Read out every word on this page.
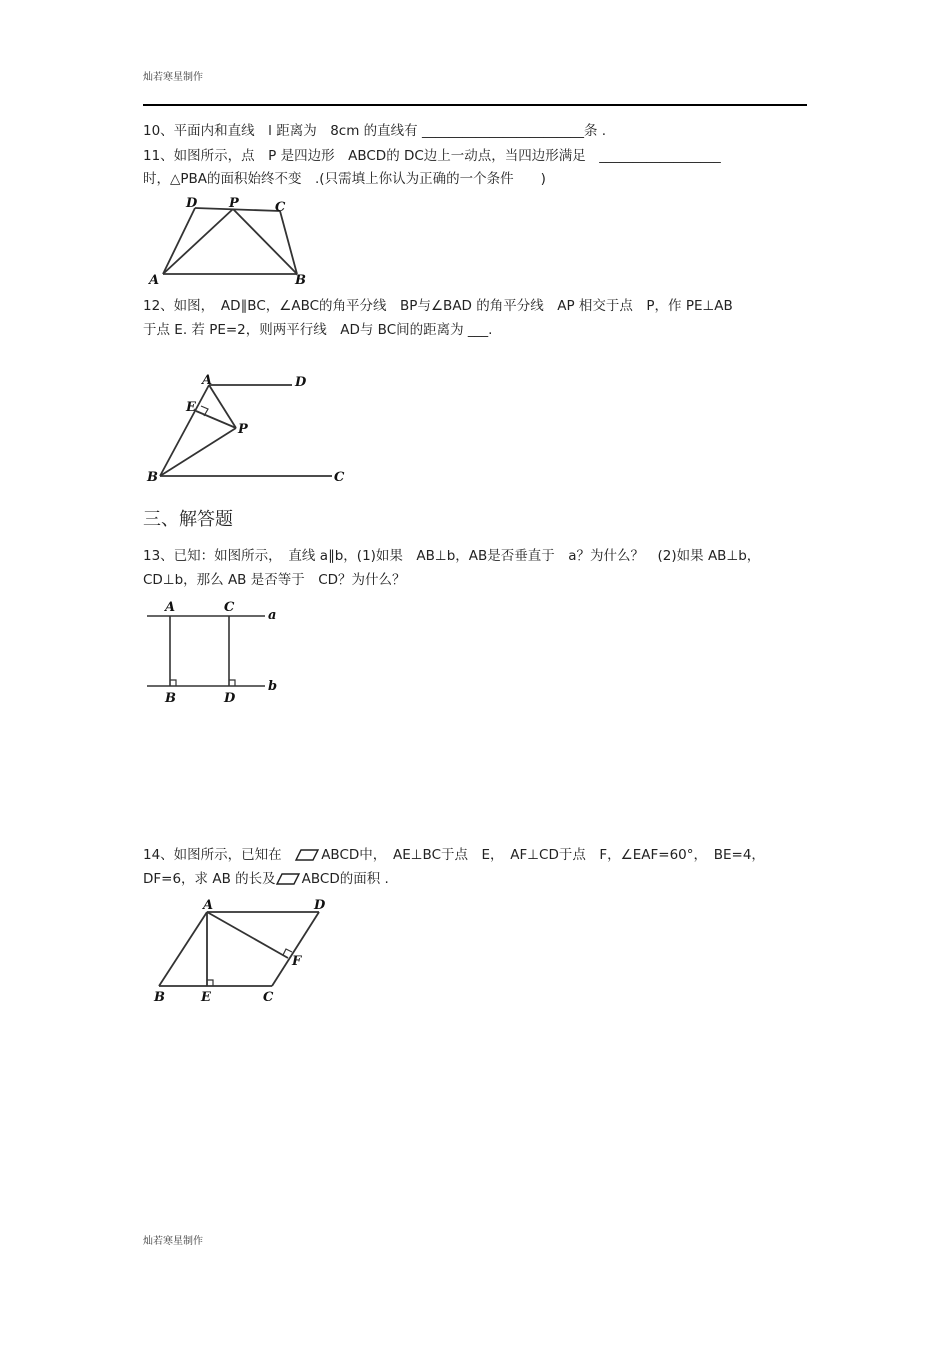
灿若寒星制作
10、平面内和直线　l 距离为　8cm 的直线有 ________________________条 .
11、如图所示，点　P 是四边形　ABCD的 DC边上一动点，当四边形满足　__________________
时，△PBA的面积始终不变　.(只需填上你认为正确的一个条件　　)
D P	C
A	B
12、如图，　AD∥BC，∠ABC的角平分线　BP与∠BAD 的角平分线　AP 相交于点　P，作 PE⊥AB
于点 E. 若 PE=2，则两平行线　AD与 BC间的距离为 ___.
A	D
E
P
B	C
三、解答题
13、已知：如图所示，　直线 a∥b，(1)如果　AB⊥b，AB是否垂直于　a？为什么？　(2)如果 AB⊥b，
CD⊥b，那么 AB 是否等于　CD？为什么？
A	C
a
B	D
b
14、如图所示，已知在　ABCD中，　AE⊥BC于点　E，　AF⊥CD于点　F，∠EAF=60°，　BE=4，
DF=6，求 AB 的长及 ABCD的面积 .
A	D
F
B	E	C
灿若寒星制作
